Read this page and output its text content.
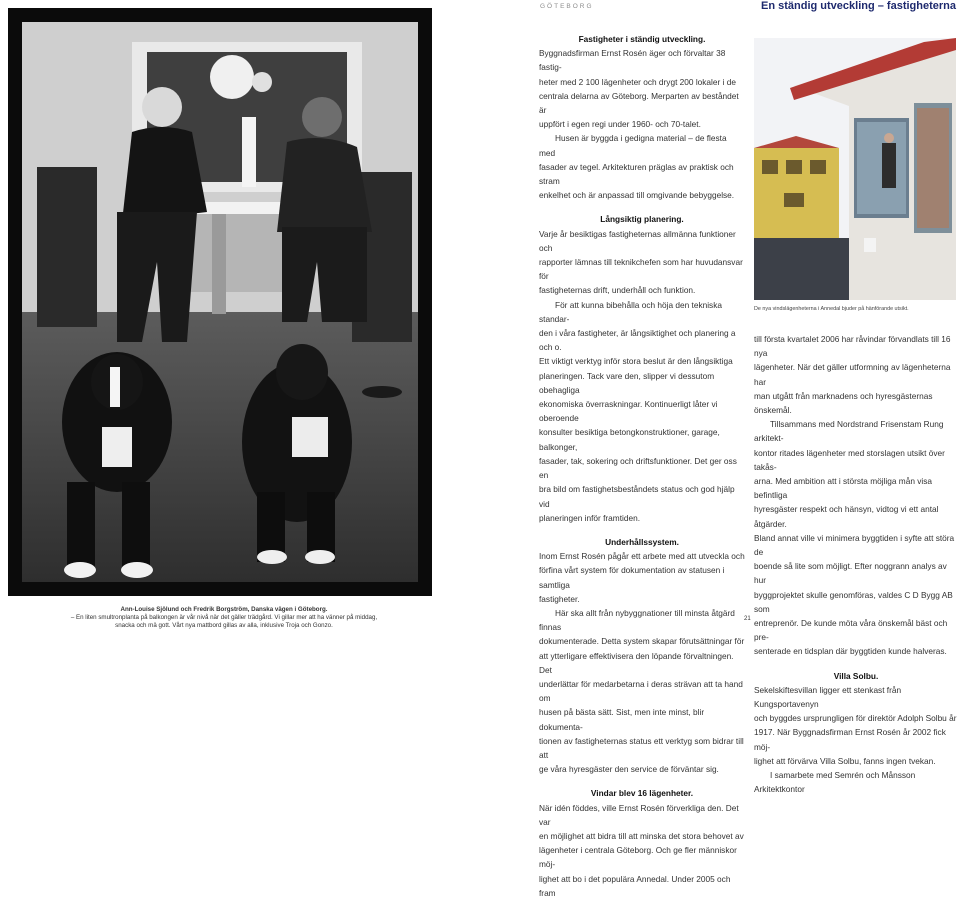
GÖTEBORG	En ständig utveckling – fastigheterna
Ann-Louise Sjölund och Fredrik Borgström, Danska vägen i Göteborg.
– En liten smultronplanta på balkongen är vår nivå när det gäller trädgård. Vi gillar mer att ha vänner på middag,
snacka och mä gott. Vårt nya mattbord gillas av alla, inklusive Troja och Gonzo.
Fastigheter i ständig utveckling.

Byggnadsfirman Ernst Rosén äger och förvaltar 38 fastig-

heter med 2 100 lägenheter och drygt 200 lokaler i de

centrala delarna av Göteborg. Merparten av beståndet är

uppfört i egen regi under 1960- och 70-talet.

Husen är byggda i gedigna material – de flesta med

fasader av tegel. Arkitekturen präglas av praktisk och stram

enkelhet och är anpassad till omgivande bebyggelse.

Långsiktig planering.

Varje år besiktigas fastigheternas allmänna funktioner och

rapporter lämnas till teknikchefen som har huvudansvar för

fastigheternas drift, underhåll och funktion.

För att kunna bibehålla och höja den tekniska standar-

den i våra fastigheter, är långsiktighet och planering a och o.

Ett viktigt verktyg inför stora beslut är den långsiktiga

planeringen. Tack vare den, slipper vi dessutom obehagliga

ekonomiska överraskningar. Kontinuerligt låter vi oberoende

konsulter besiktiga betongkonstruktioner, garage, balkonger,

fasader, tak, sokering och driftsfunktioner. Det ger oss en

bra bild om fastighetsbeståndets status och god hjälp vid

planeringen inför framtiden.

Underhållssystem.

Inom Ernst Rosén pågår ett arbete med att utveckla och

förfina vårt system för dokumentation av statusen i samtliga

fastigheter.

Här ska allt från nybyggnationer till minsta åtgärd finnas

dokumenterade. Detta system skapar förutsättningar för

att ytterligare effektivisera den löpande förvaltningen. Det

underlättar för medarbetarna i deras strävan att ta hand om

husen på bästa sätt. Sist, men inte minst, blir dokumenta-

tionen av fastigheternas status ett verktyg som bidrar till att

ge våra hyresgäster den service de förväntar sig.

Vindar blev 16 lägenheter.

När idén föddes, ville Ernst Rosén förverkliga den. Det var

en möjlighet att bidra till att minska det stora behovet av

lägenheter i centrala Göteborg. Och ge fler människor möj-

lighet att bo i det populära Annedal. Under 2005 och fram

De nya vindslägenheterna i Annedal bjuder på hänförande utsikt.

till första kvartalet 2006 har råvindar förvandlats till 16 nya

lägenheter. När det gäller utformning av lägenheterna har

man utgått från marknadens och hyresgästernas önskemål.

Tillsammans med Nordstrand Frisenstam Rung arkitekt-

kontor ritades lägenheter med storslagen utsikt över takås-

arna. Med ambition att i största möjliga mån visa befintliga

hyresgäster respekt och hänsyn, vidtog vi ett antal åtgärder.

Bland annat ville vi minimera byggtiden i syfte att störa de

boende så lite som möjligt. Efter noggrann analys av hur

byggprojektet skulle genomföras, valdes C D Bygg AB som

entreprenör. De kunde möta våra önskemål bäst och pre-

senterade en tidsplan där byggtiden kunde halveras.

Villa Solbu.

Sekelskiftesvillan ligger ett stenkast från Kungsportavenyn

och byggdes ursprungligen för direktör Adolph Solbu år

1917. När Byggnadsfirman Ernst Rosén år 2002 fick möj-

lighet att förvärva Villa Solbu, fanns ingen tvekan.

I samarbete med Semrén och Månsson Arkitektkontor

21
